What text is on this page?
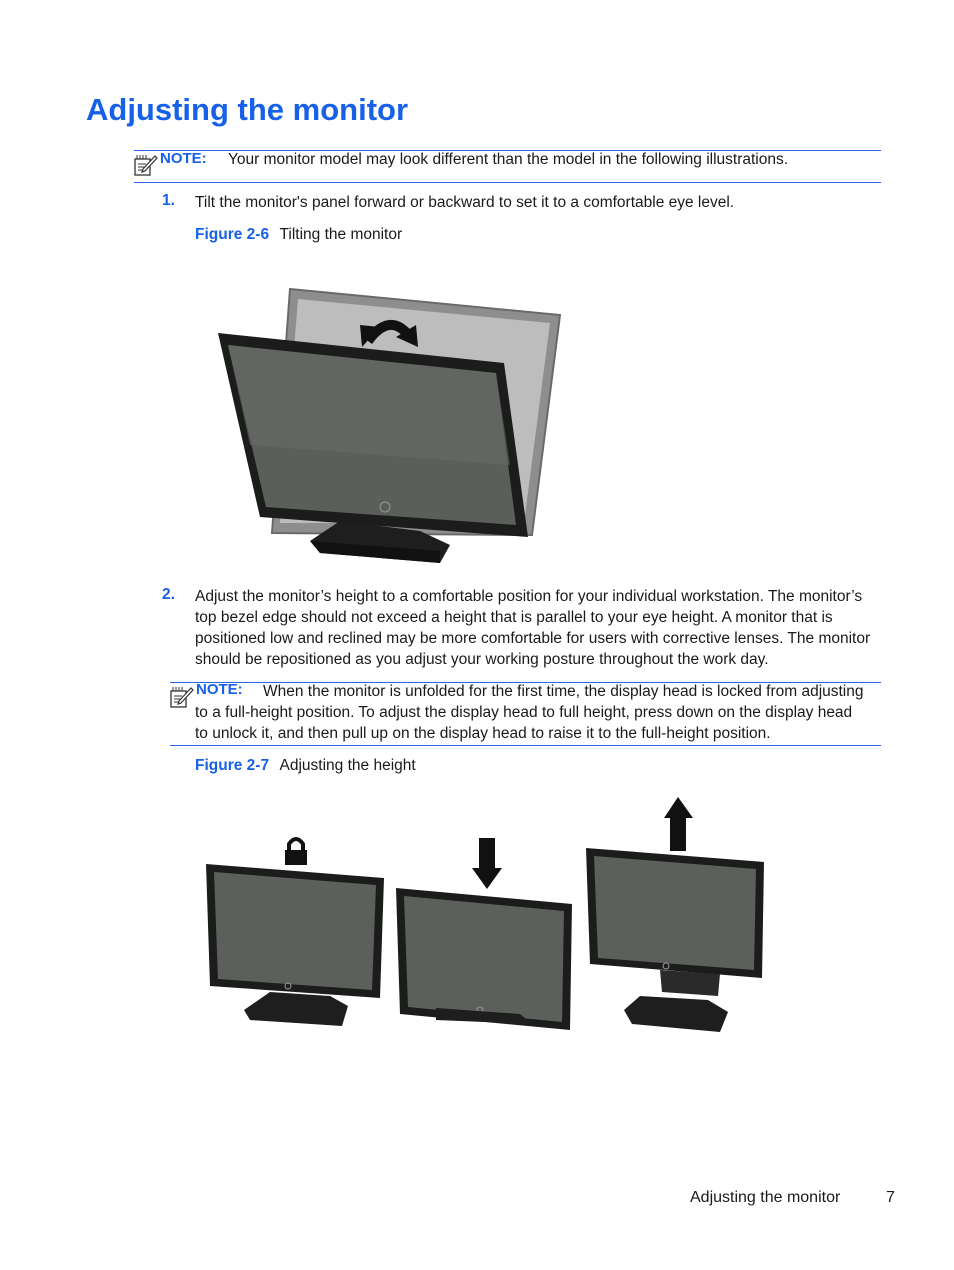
Adjusting the monitor
NOTE: Your monitor model may look different than the model in the following illustrations.
1. Tilt the monitor's panel forward or backward to set it to a comfortable eye level.
Figure 2-6 Tilting the monitor
2. Adjust the monitor’s height to a comfortable position for your individual workstation. The monitor’s
top bezel edge should not exceed a height that is parallel to your eye height. A monitor that is
positioned low and reclined may be more comfortable for users with corrective lenses. The monitor
should be repositioned as you adjust your working posture throughout the work day.
NOTE: When the monitor is unfolded for the first time, the display head is locked from adjusting
to a full-height position. To adjust the display head to full height, press down on the display head
to unlock it, and then pull up on the display head to raise it to the full-height position.
Figure 2-7 Adjusting the height
Adjusting the monitor	7
